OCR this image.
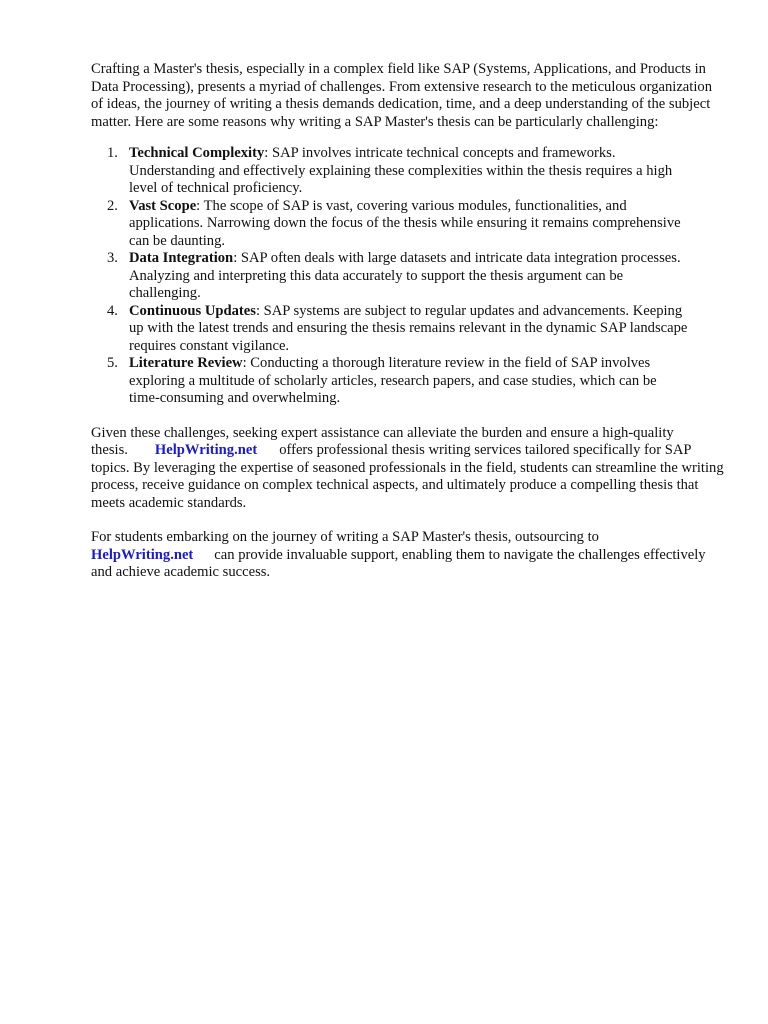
Crafting a Master's thesis, especially in a complex field like SAP (Systems, Applications, and Products in Data Processing), presents a myriad of challenges. From extensive research to the meticulous organization of ideas, the journey of writing a thesis demands dedication, time, and a deep understanding of the subject matter. Here are some reasons why writing a SAP Master's thesis can be particularly challenging:

1. Technical Complexity: SAP involves intricate technical concepts and frameworks. Understanding and effectively explaining these complexities within the thesis requires a high level of technical proficiency.
2. Vast Scope: The scope of SAP is vast, covering various modules, functionalities, and applications. Narrowing down the focus of the thesis while ensuring it remains comprehensive can be daunting.
3. Data Integration: SAP often deals with large datasets and intricate data integration processes. Analyzing and interpreting this data accurately to support the thesis argument can be challenging.
4. Continuous Updates: SAP systems are subject to regular updates and advancements. Keeping up with the latest trends and ensuring the thesis remains relevant in the dynamic SAP landscape requires constant vigilance.
5. Literature Review: Conducting a thorough literature review in the field of SAP involves exploring a multitude of scholarly articles, research papers, and case studies, which can be time-consuming and overwhelming.

Given these challenges, seeking expert assistance can alleviate the burden and ensure a high-quality thesis. HelpWriting.net offers professional thesis writing services tailored specifically for SAP topics. By leveraging the expertise of seasoned professionals in the field, students can streamline the writing process, receive guidance on complex technical aspects, and ultimately produce a compelling thesis that meets academic standards.

For students embarking on the journey of writing a SAP Master's thesis, outsourcing to HelpWriting.net can provide invaluable support, enabling them to navigate the challenges effectively and achieve academic success.
